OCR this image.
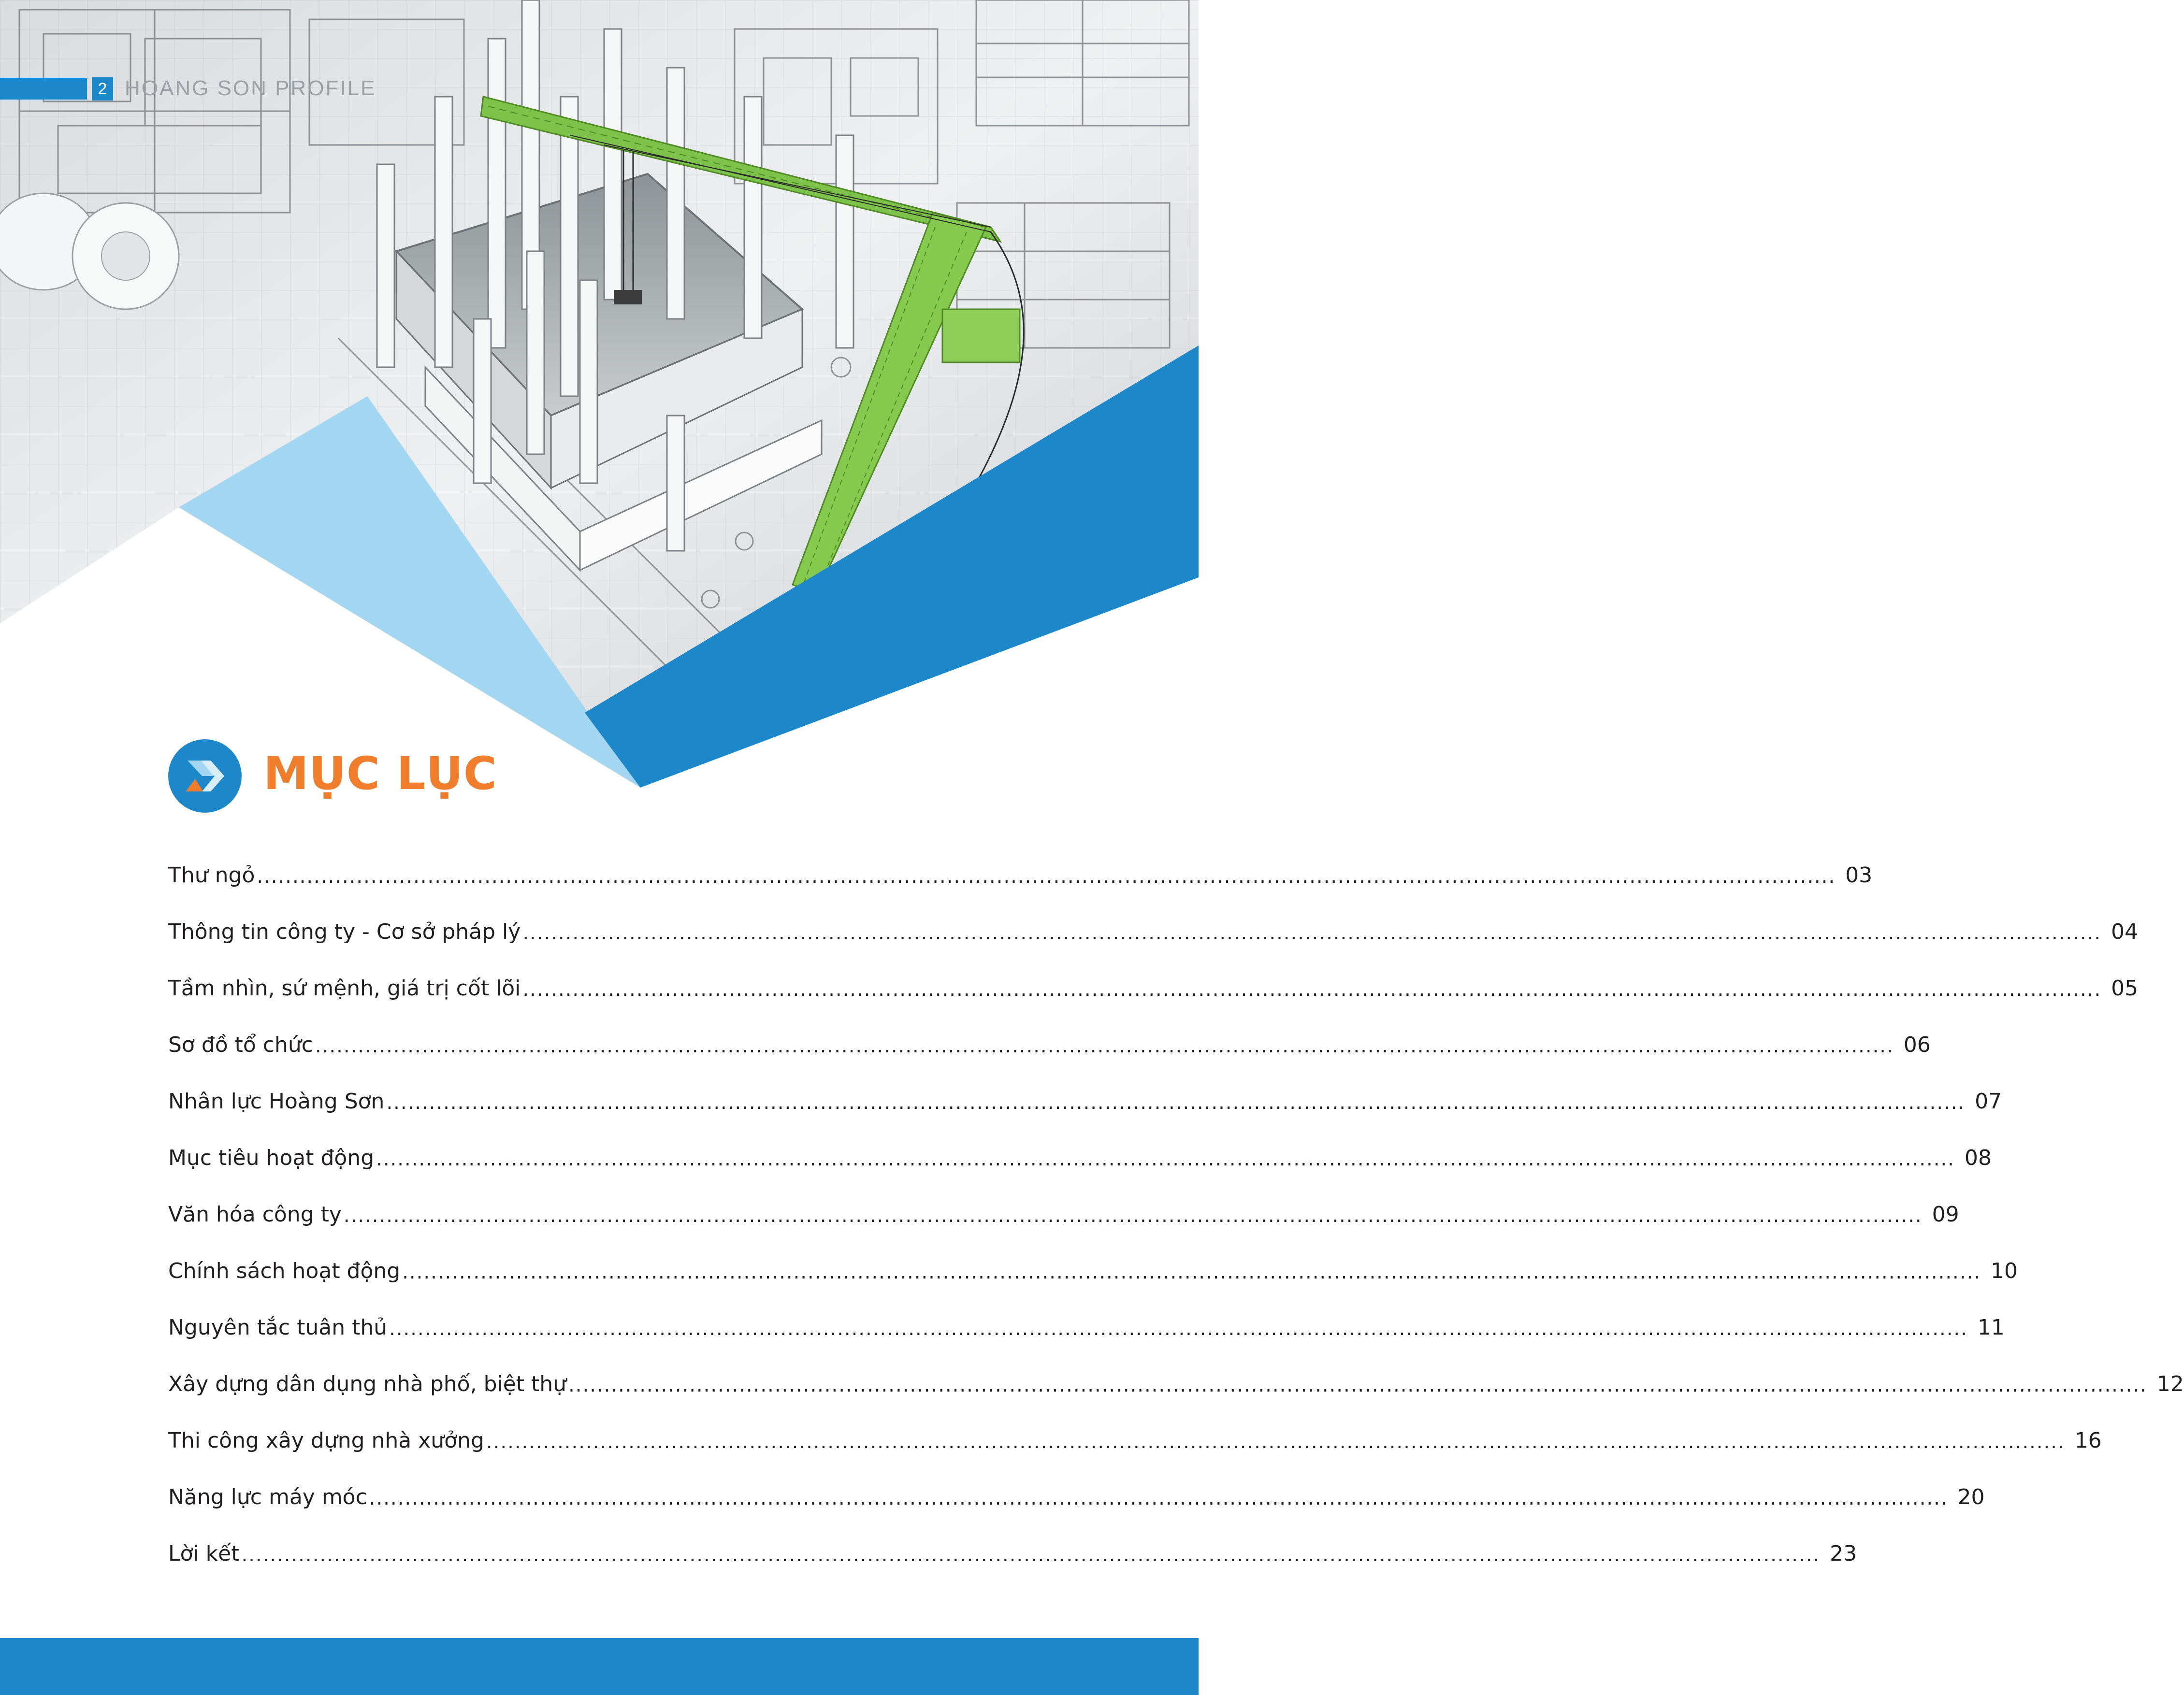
2 HOANG SON PROFILE
MỤC LỤC
Thư ngỏ .............................................................................................................................................................................................................................. 03
Thông tin công ty - Cơ sở pháp lý .............................................................................................................................................................................................................................. 04
Tầm nhìn, sứ mệnh, giá trị cốt lõi .............................................................................................................................................................................................................................. 05
Sơ đồ tổ chức .............................................................................................................................................................................................................................. 06
Nhân lực Hoàng Sơn .............................................................................................................................................................................................................................. 07
Mục tiêu hoạt động .............................................................................................................................................................................................................................. 08
Văn hóa công ty .............................................................................................................................................................................................................................. 09
Chính sách hoạt động .............................................................................................................................................................................................................................. 10
Nguyên tắc tuân thủ .............................................................................................................................................................................................................................. 11
Xây dựng dân dụng nhà phố, biệt thự .............................................................................................................................................................................................................................. 12
Thi công xây dựng nhà xưởng .............................................................................................................................................................................................................................. 16
Năng lực máy móc .............................................................................................................................................................................................................................. 20
Lời kết .............................................................................................................................................................................................................................. 23
